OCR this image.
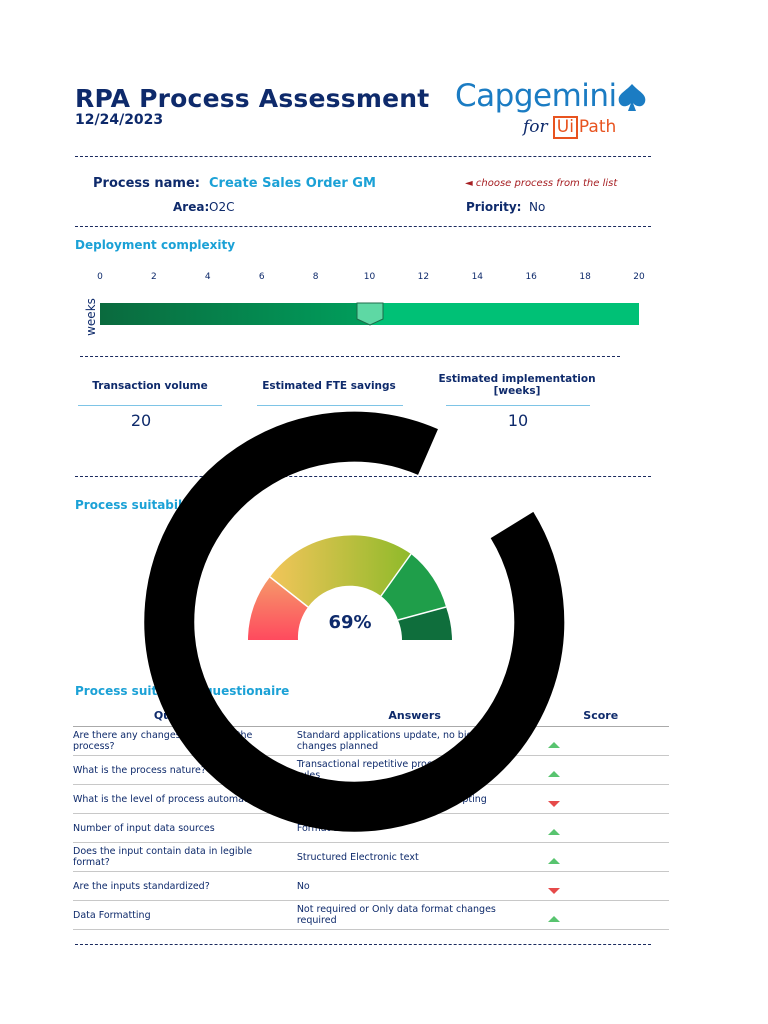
RPA Process Assessment
12/24/2023
Capgemini
for Ui Path
Process name: Create Sales Order GM	◄ choose process from the list
Area: O2C	Priority: No
Deployment complexity
0	2	4	6	8	10	12	14	16	18	20
weeks
Transaction volume
20
Estimated FTE savings
1.0
Estimated implementation [weeks]
10
Process suitability
69%
Process suitability questionaire
Questions	Answers	Score
Are there any changes planned in the process?	Standard applications update, no big process changes planned	

What is the process nature?	Transactional repetitive process with simple rules	

What is the level of process automation?	Process already includes some scripting	

Number of input data sources	Format Based	

Does the input contain data in legible format?	Structured Electronic text	

Are the inputs standardized?	No	

Data Formatting	Not required or Only data format changes required	
